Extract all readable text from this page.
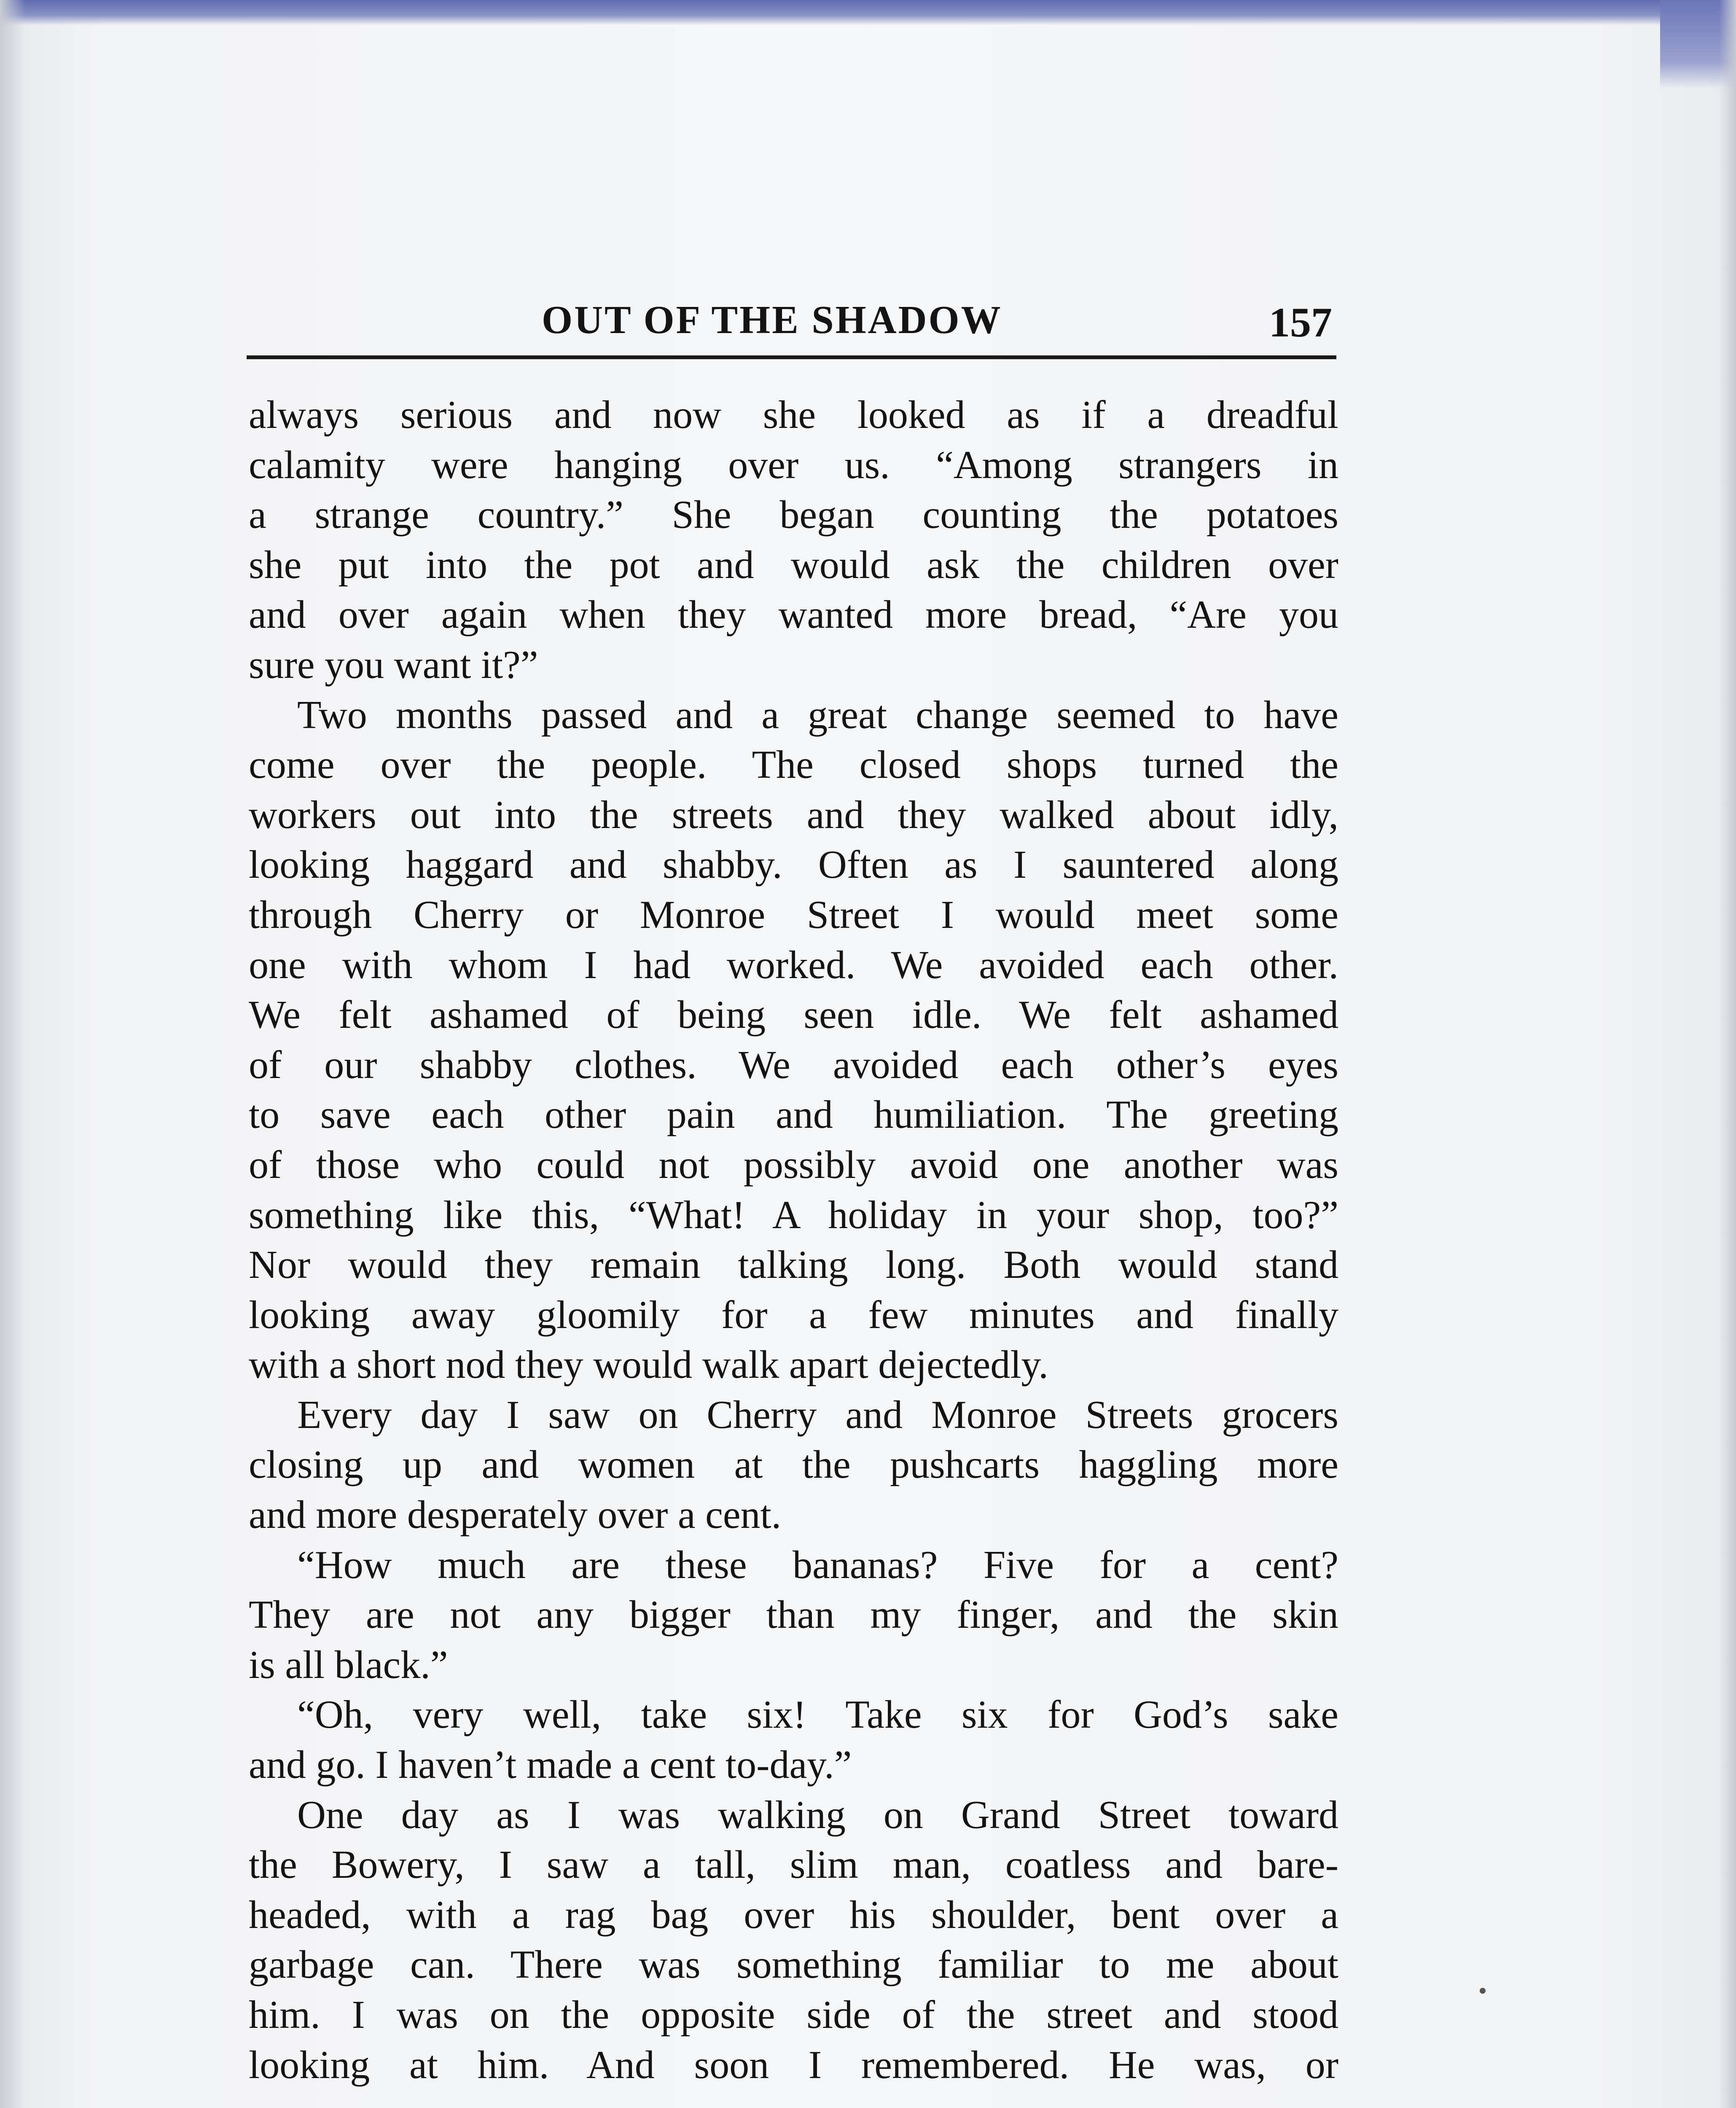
OUT OF THE SHADOW	157
always serious and now she looked as if a dreadful
calamity were hanging over us. “Among strangers in
a strange country.” She began counting the potatoes
she put into the pot and would ask the children over
and over again when they wanted more bread, “Are you
sure you want it?”
Two months passed and a great change seemed to have
come over the people. The closed shops turned the
workers out into the streets and they walked about idly,
looking haggard and shabby. Often as I sauntered along
through Cherry or Monroe Street I would meet some
one with whom I had worked. We avoided each other.
We felt ashamed of being seen idle. We felt ashamed
of our shabby clothes. We avoided each other’s eyes
to save each other pain and humiliation. The greeting
of those who could not possibly avoid one another was
something like this, “What! A holiday in your shop, too?”
Nor would they remain talking long. Both would stand
looking away gloomily for a few minutes and finally
with a short nod they would walk apart dejectedly.
Every day I saw on Cherry and Monroe Streets grocers
closing up and women at the pushcarts haggling more
and more desperately over a cent.
“How much are these bananas? Five for a cent?
They are not any bigger than my finger, and the skin
is all black.”
“Oh, very well, take six! Take six for God’s sake
and go. I haven’t made a cent to-day.”
One day as I was walking on Grand Street toward
the Bowery, I saw a tall, slim man, coatless and bare-
headed, with a rag bag over his shoulder, bent over a
garbage can. There was something familiar to me about
him. I was on the opposite side of the street and stood
looking at him. And soon I remembered. He was, or
